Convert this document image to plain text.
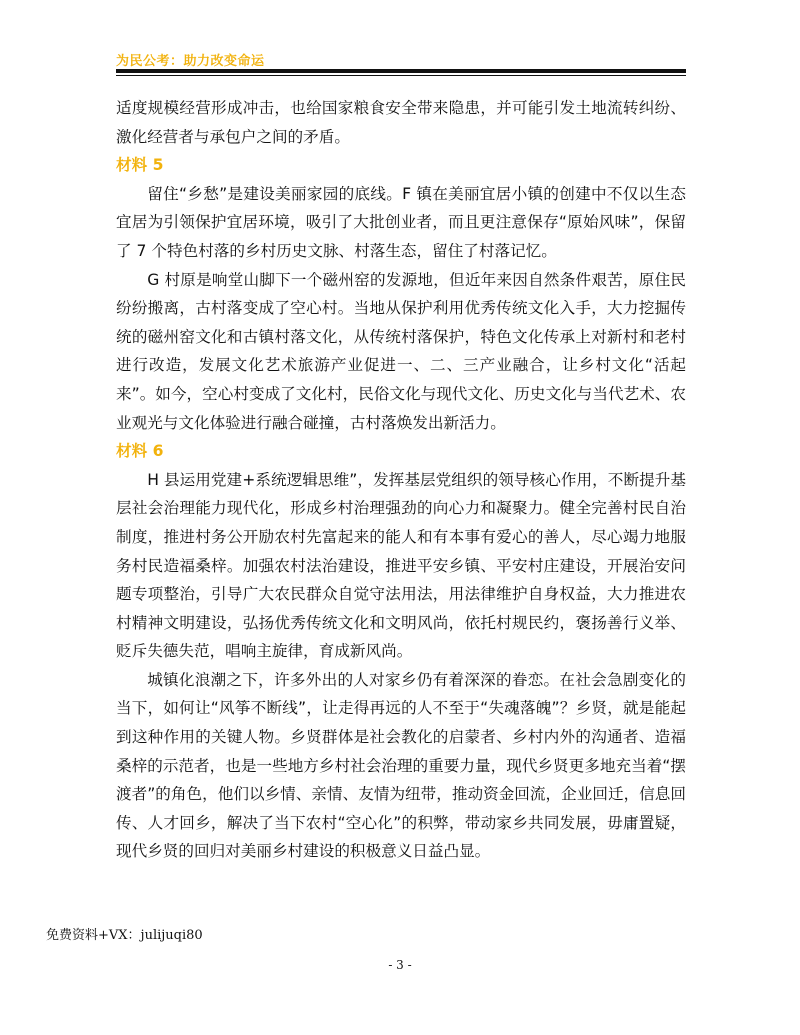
为民公考：助力改变命运

适度规模经营形成冲击，也给国家粮食安全带来隐患，并可能引发土地流转纠纷、激化经营者与承包户之间的矛盾。

材料 5

留住“乡愁”是建设美丽家园的底线。F 镇在美丽宜居小镇的创建中不仅以生态宜居为引领保护宜居环境，吸引了大批创业者，而且更注意保存“原始风味”，保留了 7 个特色村落的乡村历史文脉、村落生态，留住了村落记忆。

G 村原是响堂山脚下一个磁州窑的发源地，但近年来因自然条件艰苦，原住民纷纷搬离，古村落变成了空心村。当地从保护利用优秀传统文化入手，大力挖掘传统的磁州窑文化和古镇村落文化，从传统村落保护，特色文化传承上对新村和老村进行改造，发展文化艺术旅游产业促进一、二、三产业融合，让乡村文化“活起来”。如今，空心村变成了文化村，民俗文化与现代文化、历史文化与当代艺术、农业观光与文化体验进行融合碰撞，古村落焕发出新活力。

材料 6

H 县运用党建+系统逻辑思维”，发挥基层党组织的领导核心作用，不断提升基层社会治理能力现代化，形成乡村治理强劲的向心力和凝聚力。健全完善村民自治制度，推进村务公开励农村先富起来的能人和有本事有爱心的善人，尽心竭力地服务村民造福桑梓。加强农村法治建设，推进平安乡镇、平安村庄建设，开展治安问题专项整治，引导广大农民群众自觉守法用法，用法律维护自身权益，大力推进农村精神文明建设，弘扬优秀传统文化和文明风尚，依托村规民约，褒扬善行义举、贬斥失德失范，唱响主旋律，育成新风尚。

城镇化浪潮之下，许多外出的人对家乡仍有着深深的眷恋。在社会急剧变化的当下，如何让“风筝不断线”，让走得再远的人不至于“失魂落魄”？乡贤，就是能起到这种作用的关键人物。乡贤群体是社会教化的启蒙者、乡村内外的沟通者、造福桑梓的示范者，也是一些地方乡村社会治理的重要力量，现代乡贤更多地充当着“摆渡者”的角色，他们以乡情、亲情、友情为纽带，推动资金回流，企业回迁，信息回传、人才回乡，解决了当下农村“空心化”的积弊，带动家乡共同发展，毋庸置疑，现代乡贤的回归对美丽乡村建设的积极意义日益凸显。

免费资料+VX：julijuqi80
- 3 -
